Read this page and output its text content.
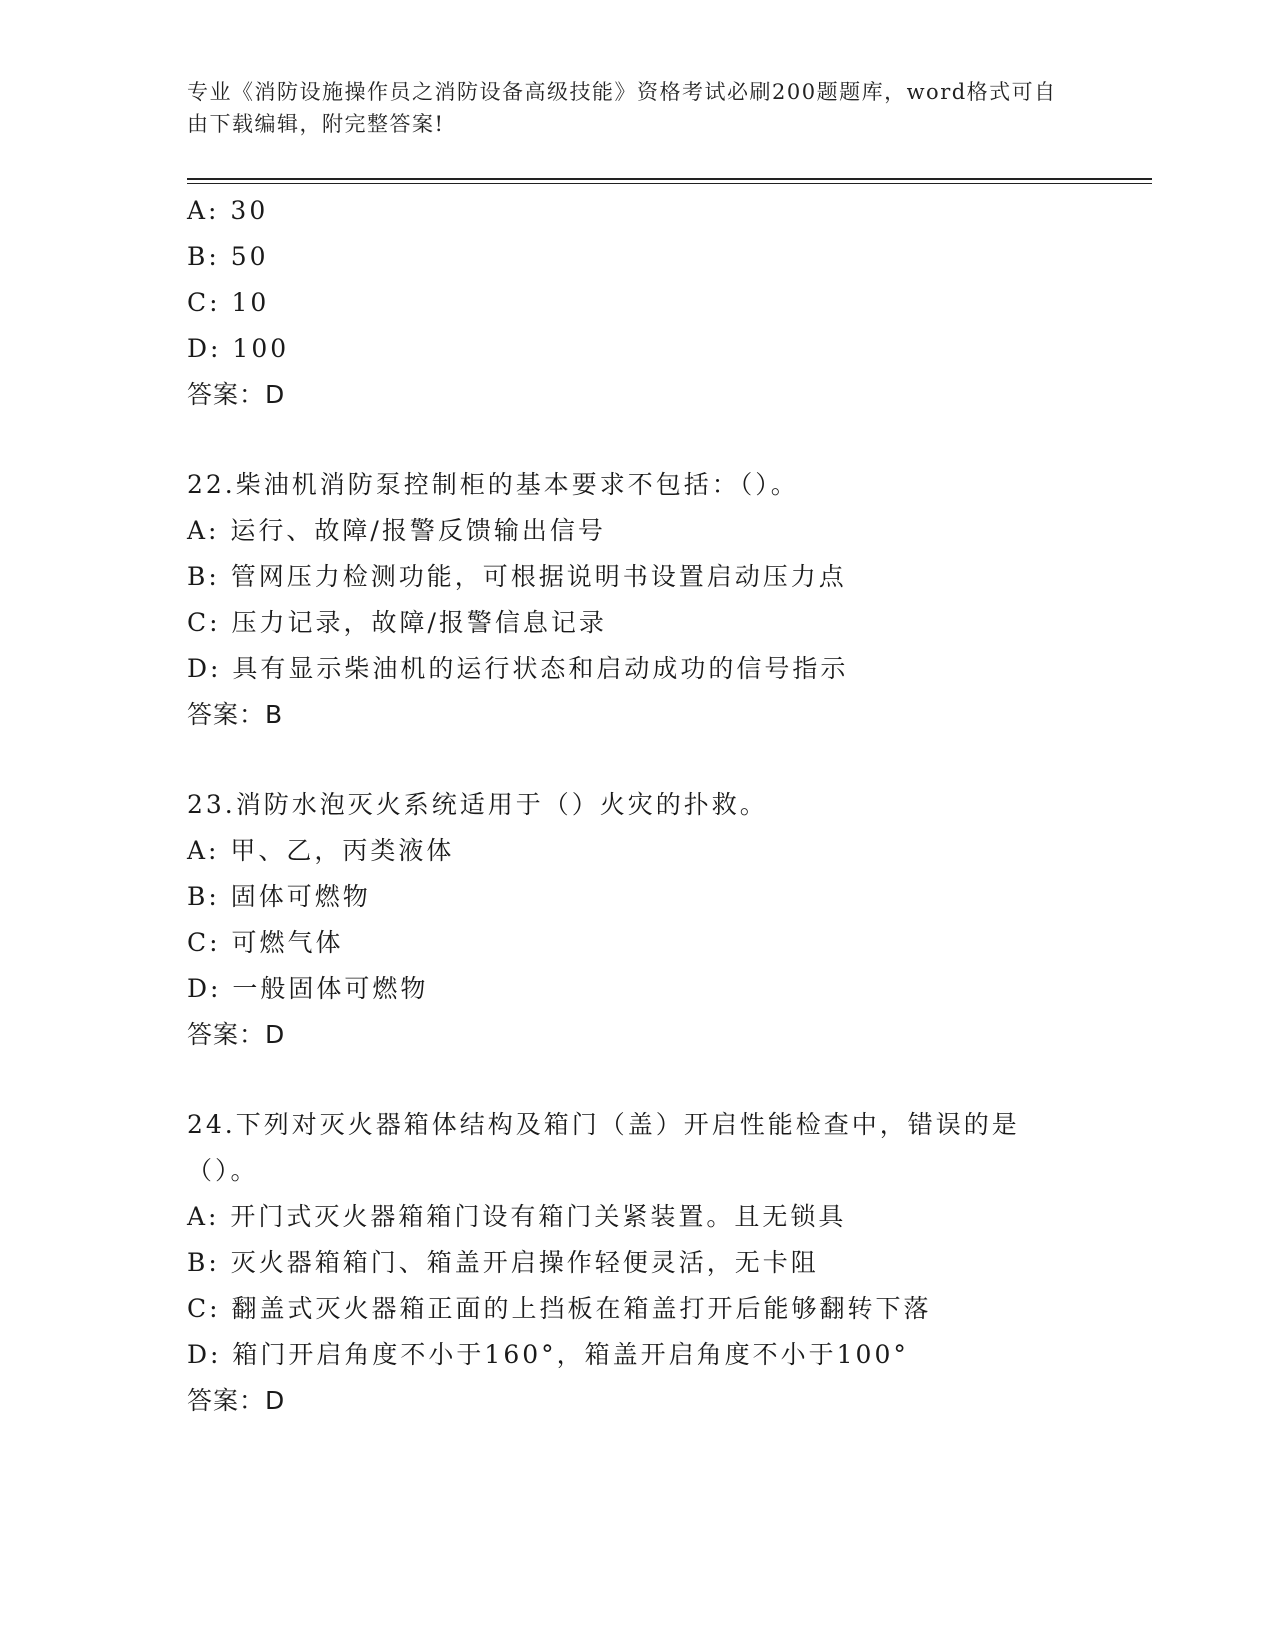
专业《消防设施操作员之消防设备高级技能》资格考试必刷200题题库，word格式可自由下载编辑，附完整答案!
A: 30
B: 50
C: 10
D: 100
答案：D
22.柴油机消防泵控制柜的基本要求不包括：（）。
A: 运行、故障/报警反馈输出信号
B: 管网压力检测功能，可根据说明书设置启动压力点
C: 压力记录，故障/报警信息记录
D: 具有显示柴油机的运行状态和启动成功的信号指示
答案：B
23.消防水泡灭火系统适用于（）火灾的扑救。
A: 甲、乙，丙类液体
B: 固体可燃物
C: 可燃气体
D: 一般固体可燃物
答案：D
24.下列对灭火器箱体结构及箱门（盖）开启性能检查中，错误的是（）。
A: 开门式灭火器箱箱门设有箱门关紧装置。且无锁具
B: 灭火器箱箱门、箱盖开启操作轻便灵活，无卡阻
C: 翻盖式灭火器箱正面的上挡板在箱盖打开后能够翻转下落
D: 箱门开启角度不小于160°，箱盖开启角度不小于100°
答案：D
